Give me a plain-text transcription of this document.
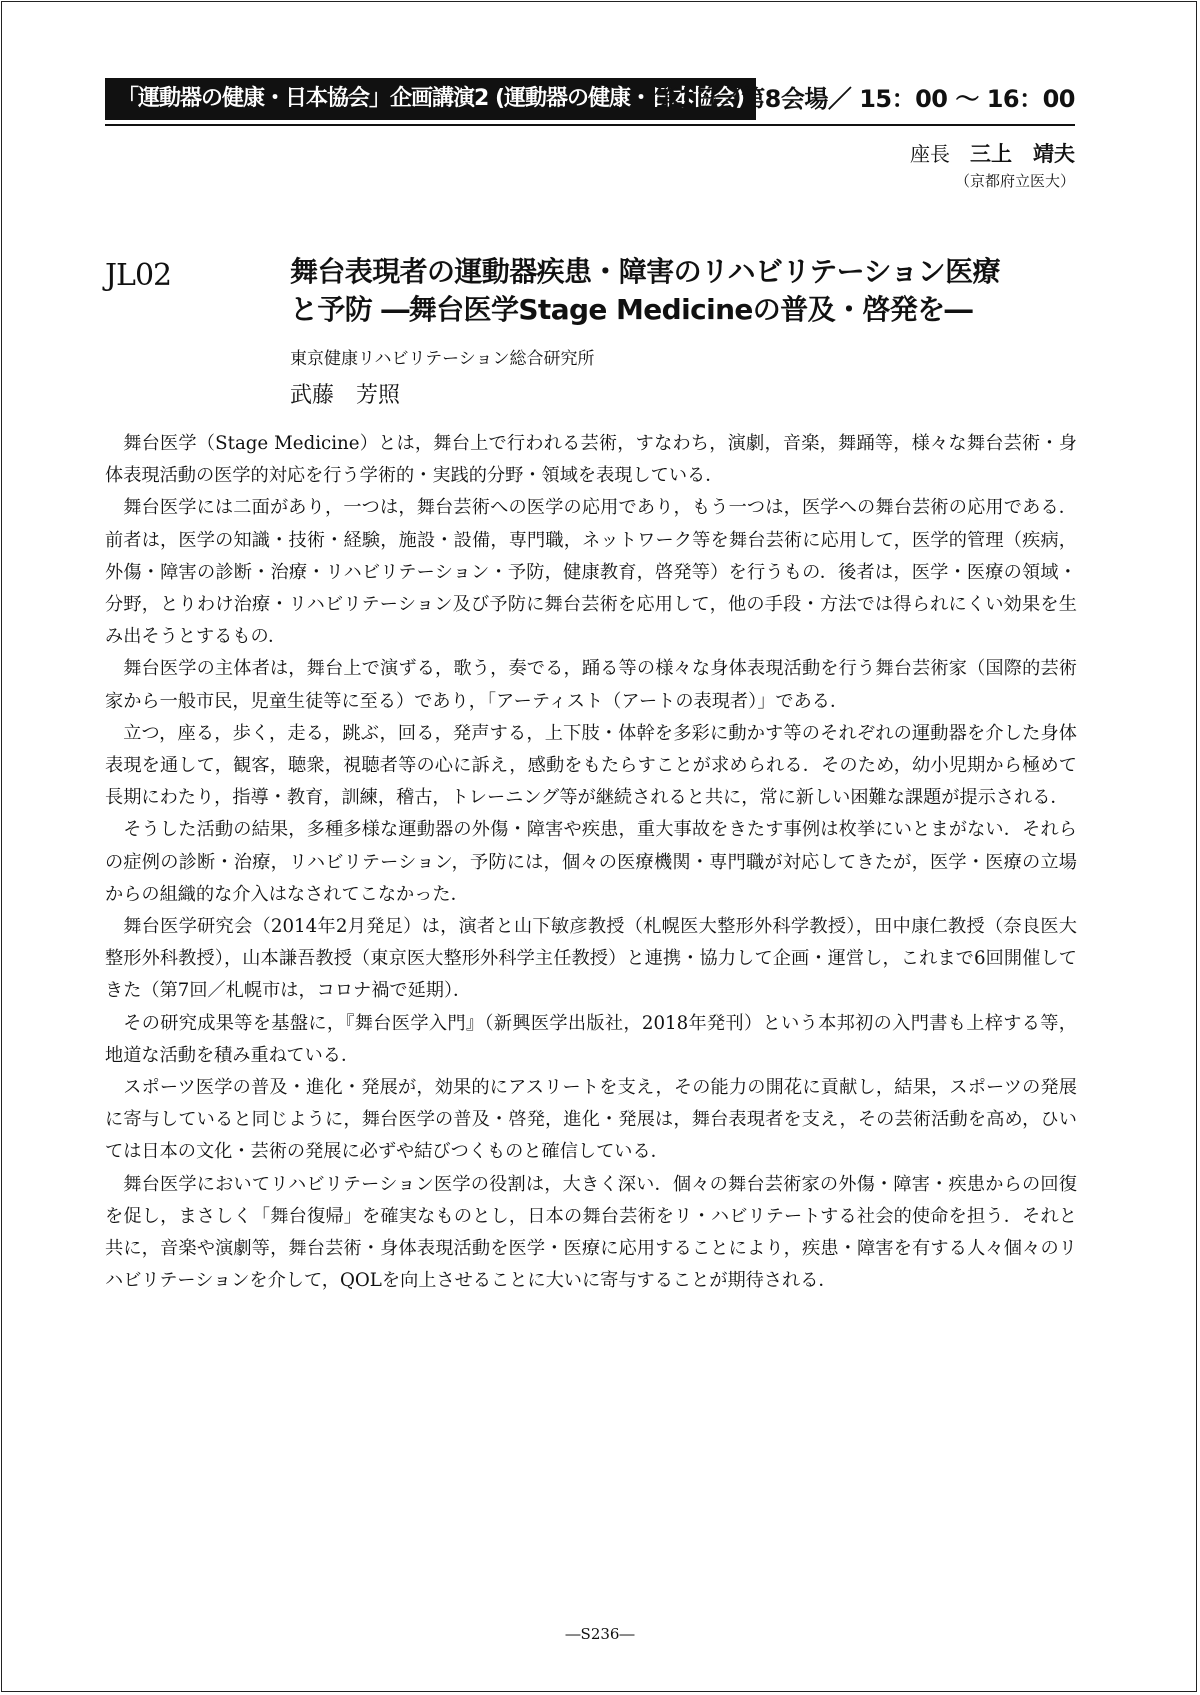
「運動器の健康・日本協会」企画講演2 (運動器の健康・日本協会)
第1日／第8会場／ 15：00 ～ 16：00
座長 三上　靖夫
（京都府立医大）
JL02	舞台表現者の運動器疾患・障害のリハビリテーション医療
と予防 ―舞台医学Stage Medicineの普及・啓発を―
東京健康リハビリテーション総合研究所
武藤　芳照

舞台医学（Stage Medicine）とは，舞台上で行われる芸術，すなわち，演劇，音楽，舞踊等，様々な舞台芸術・身体表現活動の医学的対応を行う学術的・実践的分野・領域を表現している．

舞台医学には二面があり，一つは，舞台芸術への医学の応用であり，もう一つは，医学への舞台芸術の応用である．前者は，医学の知識・技術・経験，施設・設備，専門職，ネットワーク等を舞台芸術に応用して，医学的管理（疾病，外傷・障害の診断・治療・リハビリテーション・予防，健康教育，啓発等）を行うもの．後者は，医学・医療の領域・分野，とりわけ治療・リハビリテーション及び予防に舞台芸術を応用して，他の手段・方法では得られにくい効果を生み出そうとするもの．

舞台医学の主体者は，舞台上で演ずる，歌う，奏でる，踊る等の様々な身体表現活動を行う舞台芸術家（国際的芸術家から一般市民，児童生徒等に至る）であり，「アーティスト（アートの表現者）」である．

立つ，座る，歩く，走る，跳ぶ，回る，発声する，上下肢・体幹を多彩に動かす等のそれぞれの運動器を介した身体表現を通して，観客，聴衆，視聴者等の心に訴え，感動をもたらすことが求められる．そのため，幼小児期から極めて長期にわたり，指導・教育，訓練，稽古，トレーニング等が継続されると共に，常に新しい困難な課題が提示される．

そうした活動の結果，多種多様な運動器の外傷・障害や疾患，重大事故をきたす事例は枚挙にいとまがない．それらの症例の診断・治療，リハビリテーション，予防には，個々の医療機関・専門職が対応してきたが，医学・医療の立場からの組織的な介入はなされてこなかった．

舞台医学研究会（2014年2月発足）は，演者と山下敏彦教授（札幌医大整形外科学教授），田中康仁教授（奈良医大整形外科教授），山本謙吾教授（東京医大整形外科学主任教授）と連携・協力して企画・運営し，これまで6回開催してきた（第7回／札幌市は，コロナ禍で延期）．

その研究成果等を基盤に，『舞台医学入門』（新興医学出版社，2018年発刊）という本邦初の入門書も上梓する等，地道な活動を積み重ねている．

スポーツ医学の普及・進化・発展が，効果的にアスリートを支え，その能力の開花に貢献し，結果，スポーツの発展に寄与していると同じように，舞台医学の普及・啓発，進化・発展は，舞台表現者を支え，その芸術活動を高め，ひいては日本の文化・芸術の発展に必ずや結びつくものと確信している．

舞台医学においてリハビリテーション医学の役割は，大きく深い．個々の舞台芸術家の外傷・障害・疾患からの回復を促し，まさしく「舞台復帰」を確実なものとし，日本の舞台芸術をリ・ハビリテートする社会的使命を担う．それと共に，音楽や演劇等，舞台芸術・身体表現活動を医学・医療に応用することにより，疾患・障害を有する人々個々のリハビリテーションを介して，QOLを向上させることに大いに寄与することが期待される．

―S236―
